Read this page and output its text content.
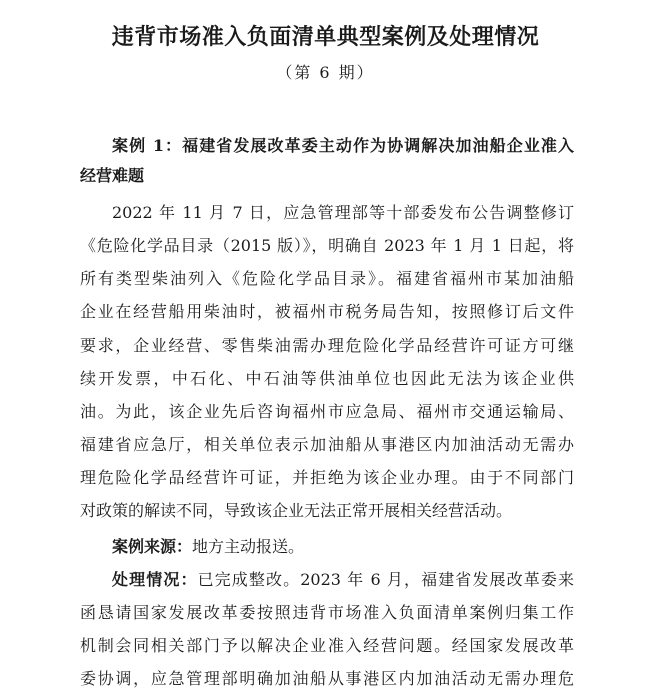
违背市场准入负面清单典型案例及处理情况
（第 6 期）
案例 1：福建省发展改革委主动作为协调解决加油船企业准入
经营难题
2022 年 11 月 7 日，应急管理部等十部委发布公告调整修订
《危险化学品目录（2015 版）》，明确自 2023 年 1 月 1 日起，将
所有类型柴油列入《危险化学品目录》。福建省福州市某加油船
企业在经营船用柴油时，被福州市税务局告知，按照修订后文件
要求，企业经营、零售柴油需办理危险化学品经营许可证方可继
续开发票，中石化、中石油等供油单位也因此无法为该企业供
油。为此，该企业先后咨询福州市应急局、福州市交通运输局、
福建省应急厅，相关单位表示加油船从事港区内加油活动无需办
理危险化学品经营许可证，并拒绝为该企业办理。由于不同部门
对政策的解读不同，导致该企业无法正常开展相关经营活动。
案例来源：地方主动报送。
处理情况：已完成整改。2023 年 6 月，福建省发展改革委来
函恳请国家发展改革委按照违背市场准入负面清单案例归集工作
机制会同相关部门予以解决企业准入经营问题。经国家发展改革
委协调，应急管理部明确加油船从事港区内加油活动无需办理危
